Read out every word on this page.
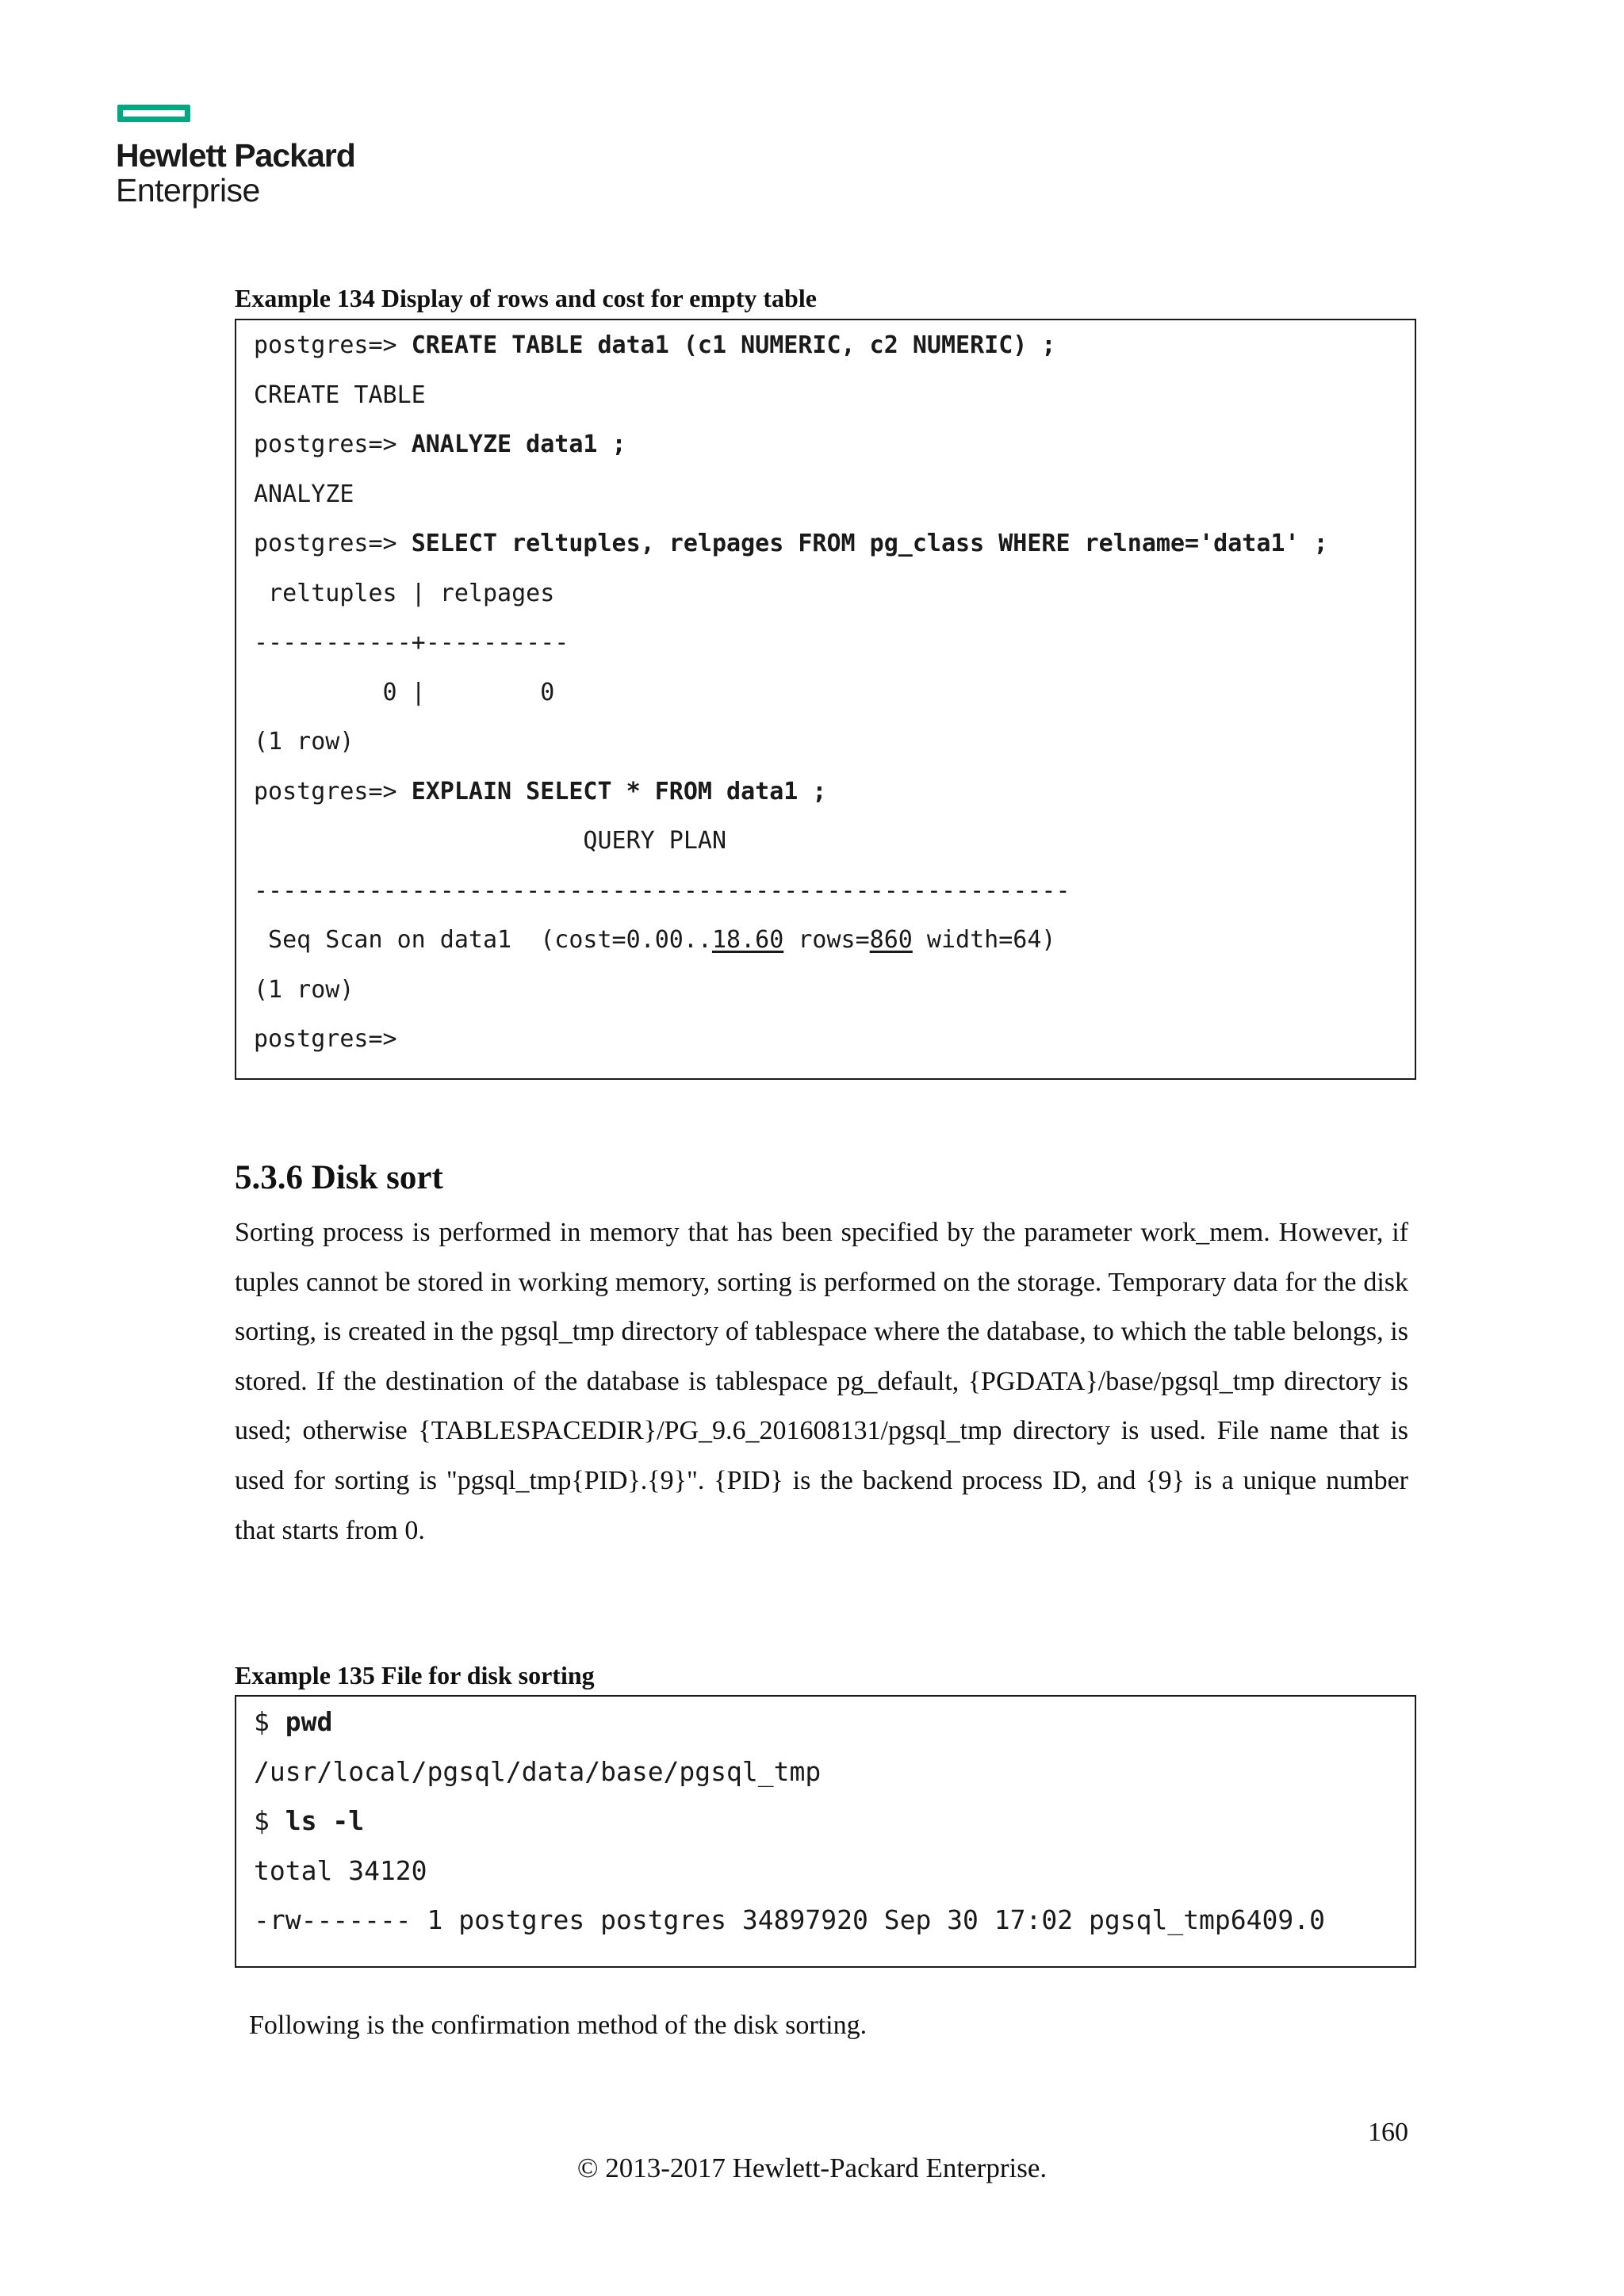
Hewlett Packard
Enterprise
Example 134 Display of rows and cost for empty table
postgres=> CREATE TABLE data1 (c1 NUMERIC, c2 NUMERIC) ;
CREATE TABLE
postgres=> ANALYZE data1 ;
ANALYZE
postgres=> SELECT reltuples, relpages FROM pg_class WHERE relname='data1' ;
reltuples | relpages
-----------+----------
0 |        0
(1 row)
postgres=> EXPLAIN SELECT * FROM data1 ;
QUERY PLAN
---------------------------------------------------------
Seq Scan on data1  (cost=0.00..18.60 rows=860 width=64)
(1 row)
postgres=>
5.3.6 Disk sort
Sorting process is performed in memory that has been specified by the parameter work_mem. However, if tuples cannot be stored in working memory, sorting is performed on the storage. Temporary data for the disk sorting, is created in the pgsql_tmp directory of tablespace where the database, to which the table belongs, is stored. If the destination of the database is tablespace pg_default, {PGDATA}/base/pgsql_tmp directory is used; otherwise {TABLESPACEDIR}/PG_9.6_201608131/pgsql_tmp directory is used. File name that is used for sorting is "pgsql_tmp{PID}.{9}". {PID} is the backend process ID, and {9} is a unique number that starts from 0.
Example 135 File for disk sorting
$ pwd
/usr/local/pgsql/data/base/pgsql_tmp
$ ls -l
total 34120
-rw------- 1 postgres postgres 34897920 Sep 30 17:02 pgsql_tmp6409.0
Following is the confirmation method of the disk sorting.
160
© 2013-2017 Hewlett-Packard Enterprise.
